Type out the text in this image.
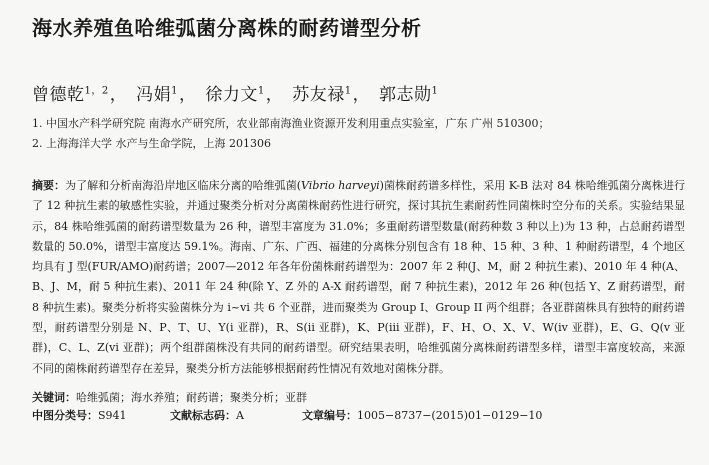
海水养殖鱼哈维弧菌分离株的耐药谱型分析
曾德乾$^{1,2}$， 冯娟$^1$， 徐力文$^1$， 苏友禄$^1$， 郭志勋$^1$
1. 中国水产科学研究院 南海水产研究所，农业部南海渔业资源开发利用重点实验室，广东 广州 510300；
2. 上海海洋大学 水产与生命学院，上海 201306
摘要：为了解和分析南海沿岸地区临床分离的哈维弧菌(Vibrio harveyi)菌株耐药谱多样性，采用 K-B 法对 84 株哈维弧菌分离株进行了 12 种抗生素的敏感性实验，并通过聚类分析对分离菌株耐药性进行研究，探讨其抗生素耐药性同菌株时空分布的关系。实验结果显示，84 株哈维弧菌的耐药谱型数量为 26 种，谱型丰富度为 31.0%；多重耐药谱型数量(耐药种数 3 种以上)为 13 种，占总耐药谱型数量的 50.0%，谱型丰富度达 59.1%。海南、广东、广西、福建的分离株分别包含有 18 种、15 种、3 种、1 种耐药谱型，4 个地区均具有 J 型(FUR/AMO)耐药谱；2007—2012 年各年份菌株耐药谱型为：2007 年 2 种(J、M，耐 2 种抗生素)、2010 年 4 种(A、B、J、M，耐 5 种抗生素)、2011 年 24 种(除 Y、Z 外的 A-X 耐药谱型，耐 7 种抗生素)，2012 年 26 种(包括 Y、Z 耐药谱型，耐 8 种抗生素)。聚类分析将实验菌株分为 i~vi 共 6 个亚群，进而聚类为 Group I、Group II 两个组群；各亚群菌株具有独特的耐药谱型，耐药谱型分别是 N、P、T、U、Y(i 亚群)，R、S(ii 亚群)，K、P(iii 亚群)，F、H、O、X、V、W(iv 亚群)，E、G、Q(v 亚群)，C、L、Z(vi 亚群)；两个组群菌株没有共同的耐药谱型。研究结果表明，哈维弧菌分离株耐药谱型多样，谱型丰富度较高，来源不同的菌株耐药谱型存在差异，聚类分析方法能够根据耐药性情况有效地对菌株分群。
关键词：哈维弧菌；海水养殖；耐药谱；聚类分析；亚群
中图分类号：S941	文献标志码：A	文章编号：1005−8737−(2015)01−0129−10
